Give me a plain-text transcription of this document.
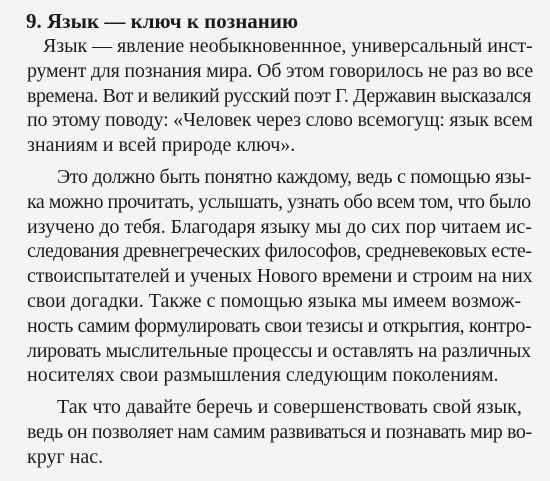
9. Язык — ключ к познанию

Язык — явление необыкновеннное, универсальный инст-
румент для познания мира. Об этом говорилось не раз во все
времена. Вот и великий русский поэт Г. Державин высказался
по этому поводу: «Человек через слово всемогущ: язык всем
знаниям и всей природе ключ».

Это должно быть понятно каждому, ведь с помощью язы-
ка можно прочитать, услышать, узнать обо всем том, что было
изучено до тебя. Благодаря языку мы до сих пор читаем ис-
следования древнегреческих философов, средневековых есте-
ствоиспытателей и ученых Нового времени и строим на них
свои догадки. Также с помощью языка мы имеем возмож-
ность самим формулировать свои тезисы и открытия, контро-
лировать мыслительные процессы и оставлять на различных
носителях свои размышления следующим поколениям.

Так что давайте беречь и совершенствовать свой язык,
ведь он позволяет нам самим развиваться и познавать мир во-
круг нас.
